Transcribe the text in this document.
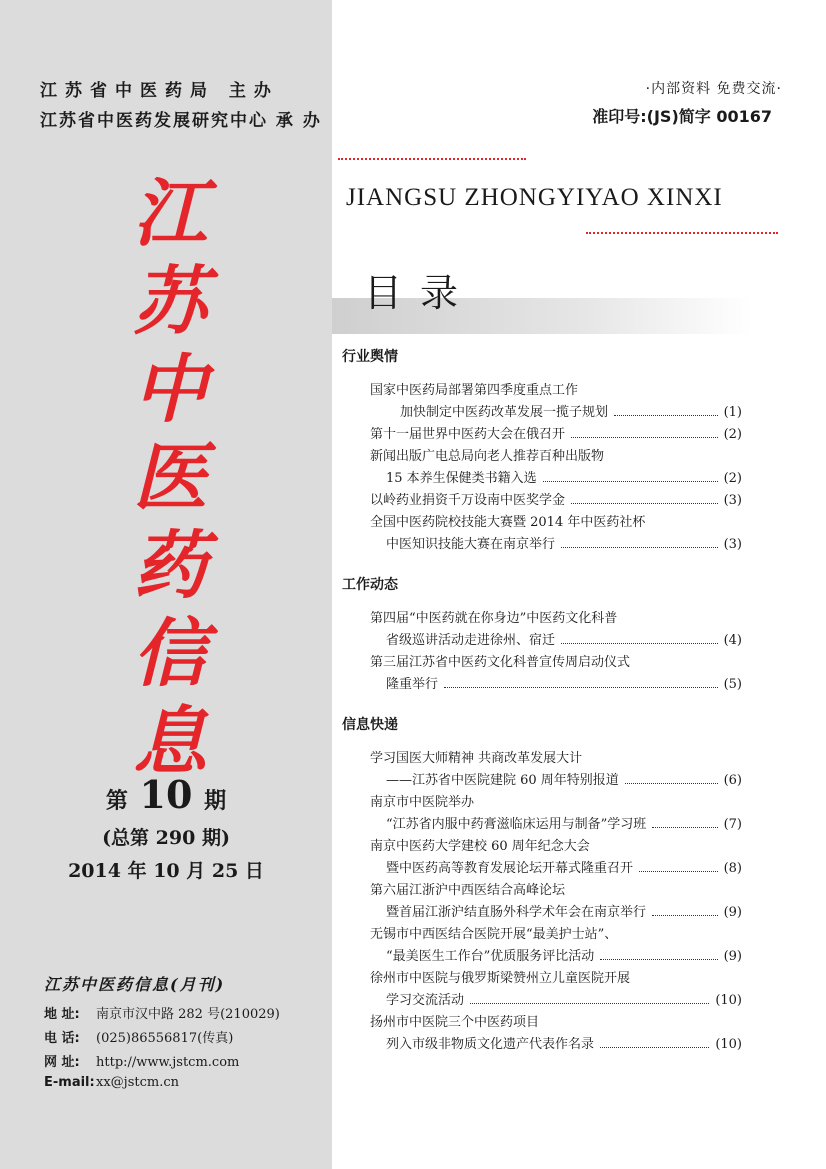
江苏省中医药局 主办
江苏省中医药发展研究中心 承 办
江
苏
中
医
药
信
息
第 10 期
(总第 290 期)
2014 年 10 月 25 日
江苏中医药信息(月刊)
地 址: 南京市汉中路 282 号(210029)
电 话: (025)86556817(传真)
网 址: http://www.jstcm.com
E-mail:xx@jstcm.cn
·内部资料 免费交流·
准印号:(JS)简字 00167
JIANGSU ZHONGYIYAO XINXI
目录
行业舆情
国家中医药局部署第四季度重点工作
加快制定中医药改革发展一揽子规划	(1)
第十一届世界中医药大会在俄召开	(2)
新闻出版广电总局向老人推荐百种出版物
15 本养生保健类书籍入选	(2)
以岭药业捐资千万设南中医奖学金	(3)
全国中医药院校技能大赛暨 2014 年中医药社杯
中医知识技能大赛在南京举行	(3)
工作动态
第四届“中医药就在你身边”中医药文化科普
省级巡讲活动走进徐州、宿迁	(4)
第三届江苏省中医药文化科普宣传周启动仪式
隆重举行	(5)
信息快递
学习国医大师精神 共商改革发展大计
——江苏省中医院建院 60 周年特别报道	(6)
南京市中医院举办
“江苏省内服中药膏滋临床运用与制备”学习班	(7)
南京中医药大学建校 60 周年纪念大会
暨中医药高等教育发展论坛开幕式隆重召开	(8)
第六届江浙沪中西医结合高峰论坛
暨首届江浙沪结直肠外科学术年会在南京举行	(9)
无锡市中西医结合医院开展“最美护士站”、
“最美医生工作台”优质服务评比活动	(9)
徐州市中医院与俄罗斯梁赞州立儿童医院开展
学习交流活动	(10)
扬州市中医院三个中医药项目
列入市级非物质文化遗产代表作名录	(10)
